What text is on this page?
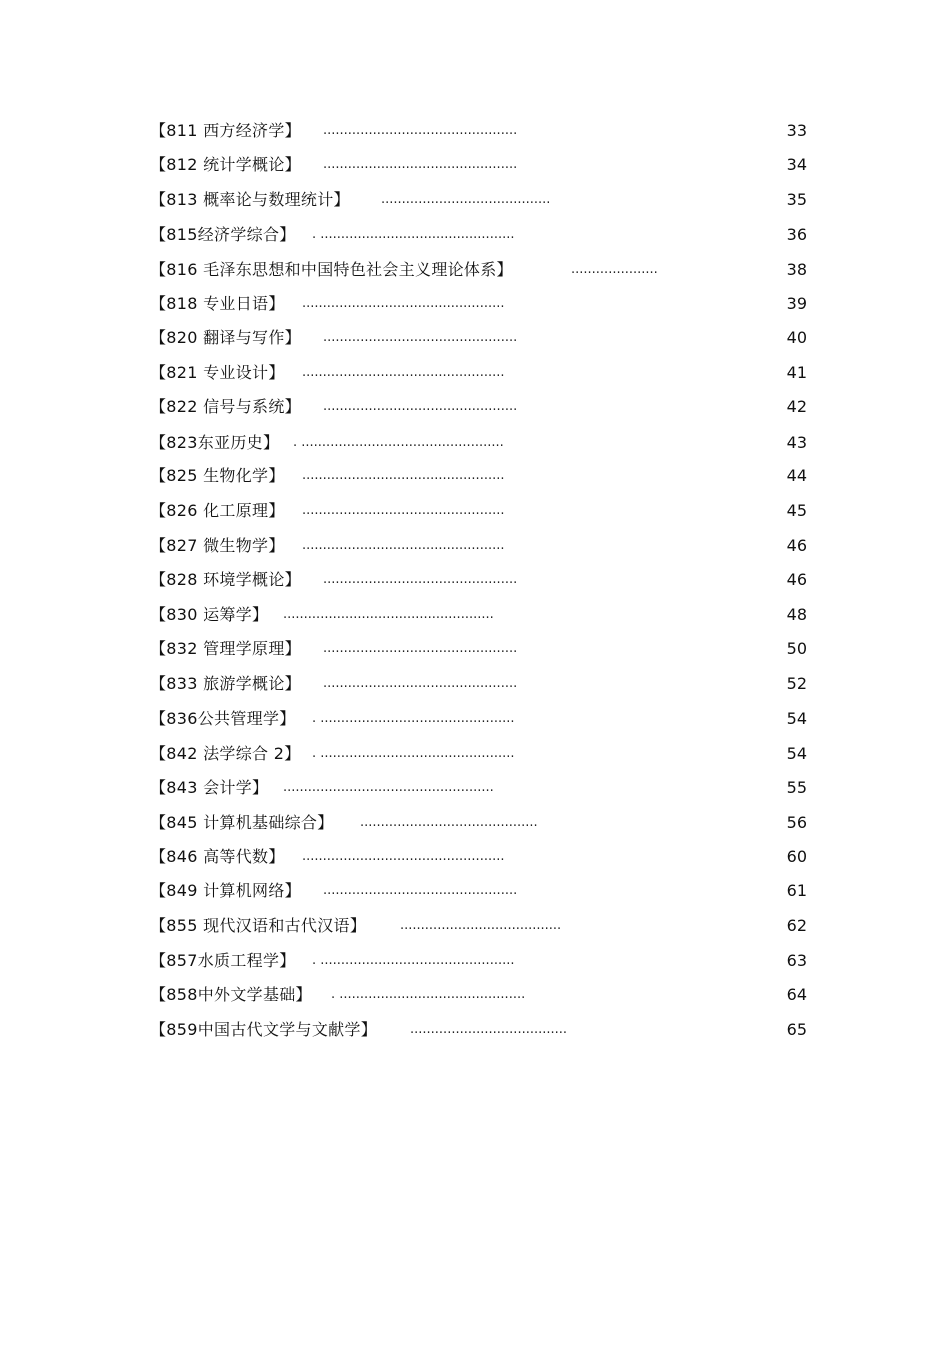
【811 西方经济学】 ...............................................	33
【812 统计学概论】 ...............................................	34
【813 概率论与数理统计】 .........................................	35
【815经济学综合】 . ...............................................	36
【816 毛泽东思想和中国特色社会主义理论体系】	.....................	38
【818 专业日语】 .................................................	39
【820 翻译与写作】 ...............................................	40
【821 专业设计】 .................................................	41
【822 信号与系统】 ...............................................	42
【823东亚历史】 . .................................................	43
【825 生物化学】 .................................................	44
【826 化工原理】 .................................................	45
【827 微生物学】 .................................................	46
【828 环境学概论】 ...............................................	46
【830 运筹学】 ...................................................	48
【832 管理学原理】 ...............................................	50
【833 旅游学概论】 ...............................................	52
【836公共管理学】 . ...............................................	54
【842 法学综合 2】 . ...............................................	54
【843 会计学】 ...................................................	55
【845 计算机基础综合】 ...........................................	56
【846 高等代数】 .................................................	60
【849 计算机网络】 ...............................................	61
【855 现代汉语和古代汉语】	.......................................	62
【857水质工程学】 . ...............................................	63
【858中外文学基础】 . .............................................	64
【859中国古代文学与文献学】	......................................	65
